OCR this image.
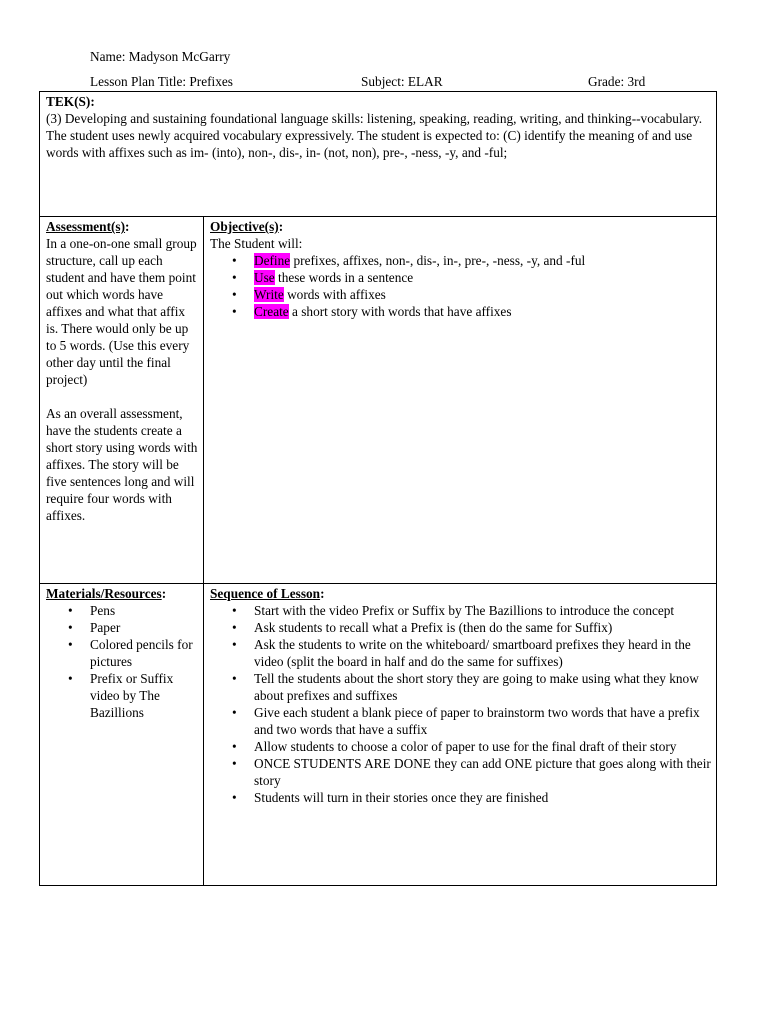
Name: Madyson McGarry
Lesson Plan Title: Prefixes	Subject: ELAR	Grade: 3rd
TEK(S):

(3) Developing and sustaining foundational language skills: listening, speaking, reading, writing, and thinking--vocabulary. The student uses newly acquired vocabulary expressively. The student is expected to: (C) identify the meaning of and use words with affixes such as im- (into), non-, dis-, in- (not, non), pre-, -ness, -y, and -ful;

Assessment(s):

In a one-on-one small group structure, call up each student and have them point out which words have affixes and what that affix is. There would only be up to 5 words. (Use this every other day until the final project)

As an overall assessment, have the students create a short story using words with affixes. The story will be five sentences long and will require four words with affixes.

Objective(s):
The Student will:
• Define prefixes, affixes, non-, dis-, in-, pre-, -ness, -y, and -ful
• Use these words in a sentence
• Write words with affixes
• Create a short story with words that have affixes
Materials/Resources:
• Pens
• Paper
• Colored pencils for pictures
• Prefix or Suffix video by The Bazillions
Sequence of Lesson:
• Start with the video Prefix or Suffix by The Bazillions to introduce the concept
• Ask students to recall what a Prefix is (then do the same for Suffix)
• Ask the students to write on the whiteboard/ smartboard prefixes they heard in the video (split the board in half and do the same for suffixes)
• Tell the students about the short story they are going to make using what they know about prefixes and suffixes
• Give each student a blank piece of paper to brainstorm two words that have a prefix and two words that have a suffix
• Allow students to choose a color of paper to use for the final draft of their story
• ONCE STUDENTS ARE DONE they can add ONE picture that goes along with their story
• Students will turn in their stories once they are finished
